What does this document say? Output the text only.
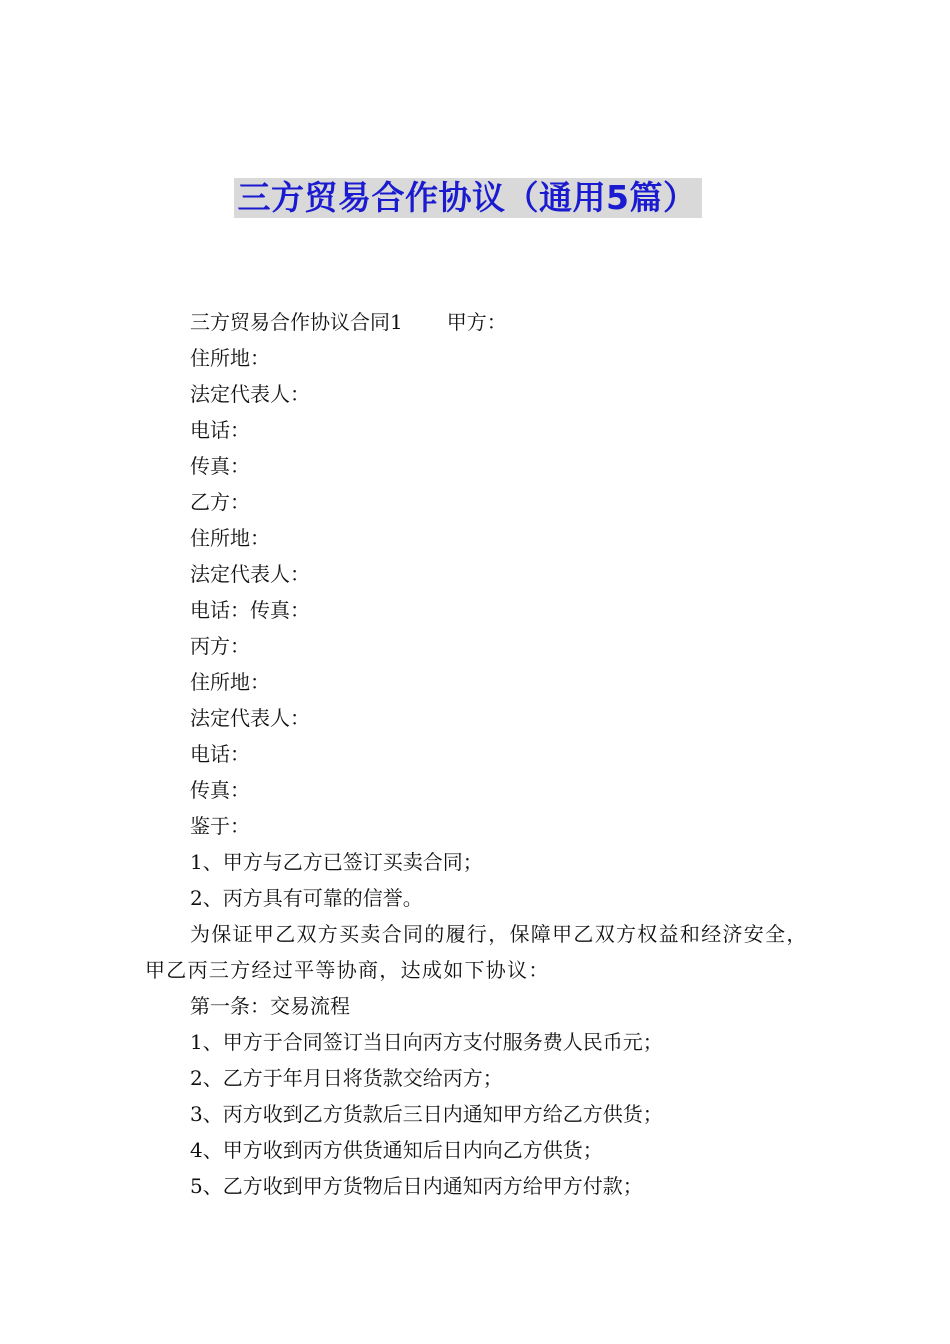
三方贸易合作协议（通用5篇）
三方贸易合作协议合同1 甲方：
住所地：
法定代表人：
电话：
传真：
乙方：
住所地：
法定代表人：
电话：传真：
丙方：
住所地：
法定代表人：
电话：
传真：
鉴于：
1、甲方与乙方已签订买卖合同；
2、丙方具有可靠的信誉。
为保证甲乙双方买卖合同的履行，保障甲乙双方权益和经济安全，甲乙丙三方经过平等协商，达成如下协议：
第一条：交易流程
1、甲方于合同签订当日向丙方支付服务费人民币元；
2、乙方于年月日将货款交给丙方；
3、丙方收到乙方货款后三日内通知甲方给乙方供货；
4、甲方收到丙方供货通知后日内向乙方供货；
5、乙方收到甲方货物后日内通知丙方给甲方付款；
